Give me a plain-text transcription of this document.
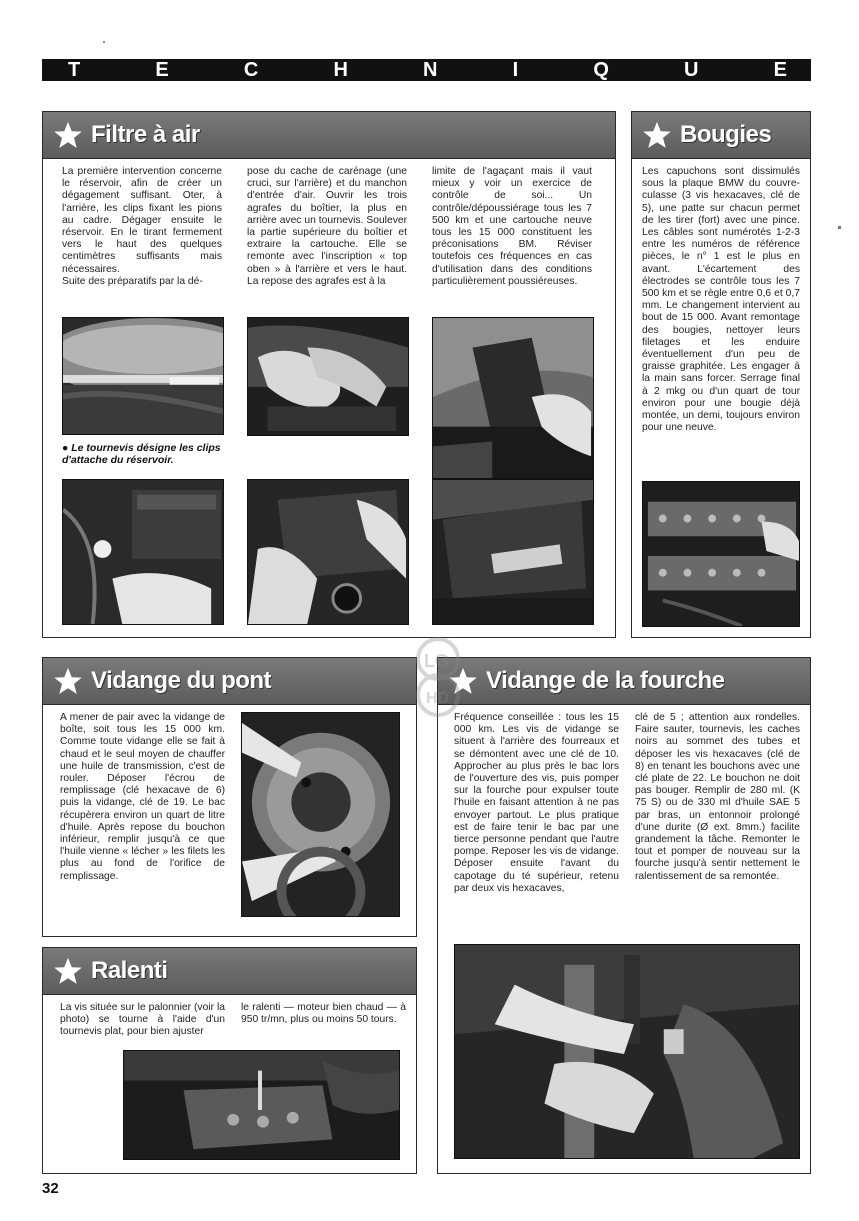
T	E	C	H	N	I	Q	U	E
Filtre à air
La première intervention concerne le réservoir, afin de créer un dégagement suffisant. Oter, à l'arrière, les clips fixant les pions au cadre. Dégager ensuite le réservoir. En le tirant fermement vers le haut des quelques centimètres suffisants mais nécessaires.
Suite des préparatifs par la dé-
pose du cache de carénage (une cruci, sur l'arrière) et du manchon d'entrée d'air. Ouvrir les trois agrafes du boîtier, la plus en arrière avec un tournevis. Soulever la partie supérieure du boîtier et extraire la cartouche. Elle se remonte avec l'inscription « top oben » à l'arrière et vers le haut. La repose des agrafes est à la
limite de l'agaçant mais il vaut mieux y voir un exercice de contrôle de soi... Un contrôle/dépoussiérage tous les 7 500 km et une cartouche neuve tous les 15 000 constituent les préconisations BM. Réviser toutefois ces fréquences en cas d'utilisation dans des conditions particulièrement poussiéreuses.
● Le tournevis désigne les clips d'attache du réservoir.
Bougies
Les capuchons sont dissimulés sous la plaque BMW du couvre-culasse (3 vis hexacaves, clé de 5), une patte sur chacun permet de les tirer (fort) avec une pince. Les câbles sont numérotés 1-2-3 entre les numéros de référence pièces, le n° 1 est le plus en avant. L'écartement des électrodes se contrôle tous les 7 500 km et se règle entre 0,6 et 0,7 mm. Le changement intervient au bout de 15 000. Avant remontage des bougies, nettoyer leurs filetages et les enduire éventuellement d'un peu de graisse graphitée. Les engager à la main sans forcer. Serrage final à 2 mkg ou d'un quart de tour environ pour une bougie déjà montée, un demi, toujours environ pour une neuve.
Vidange du pont
A mener de pair avec la vidange de boîte, soit tous les 15 000 km. Comme toute vidange elle se fait à chaud et le seul moyen de chauffer une huile de transmission, c'est de rouler. Déposer l'écrou de remplissage (clé hexacave de 6) puis la vidange, clé de 19. Le bac récupèrera environ un quart de litre d'huile. Après repose du bouchon inférieur, remplir jusqu'à ce que l'huile vienne « lécher » les filets les plus au fond de l'orifice de remplissage.
Ralenti
La vis située sur le palonnier (voir la photo) se tourne à l'aide d'un tournevis plat, pour bien ajuster
le ralenti — moteur bien chaud — à 950 tr/mn, plus ou moins 50 tours.
Vidange de la fourche
Fréquence conseillée : tous les 15 000 km. Les vis de vidange se situent à l'arrière des fourreaux et se démontent avec une clé de 10. Approcher au plus près le bac lors de l'ouverture des vis, puis pomper sur la fourche pour expulser toute l'huile en faisant attention à ne pas envoyer partout. Le plus pratique est de faire tenir le bac par une tierce personne pendant que l'autre pompe. Reposer les vis de vidange. Déposer ensuite l'avant du capotage du té supérieur, retenu par deux vis hexacaves,
clé de 5 ; attention aux rondelles. Faire sauter, tournevis, les caches noirs au sommet des tubes et déposer les vis hexacaves (clé de 8) en tenant les bouchons avec une clé plate de 22. Le bouchon ne doit pas bouger. Remplir de 280 ml. (K 75 S) ou de 330 ml d'huile SAE 5 par bras, un entonnoir prolongé d'une durite (Ø ext. 8mm.) facilite grandement la tâche. Remonter le tout et pomper de nouveau sur la fourche jusqu'à sentir nettement le ralentissement de sa remontée.
LG
HD
32
